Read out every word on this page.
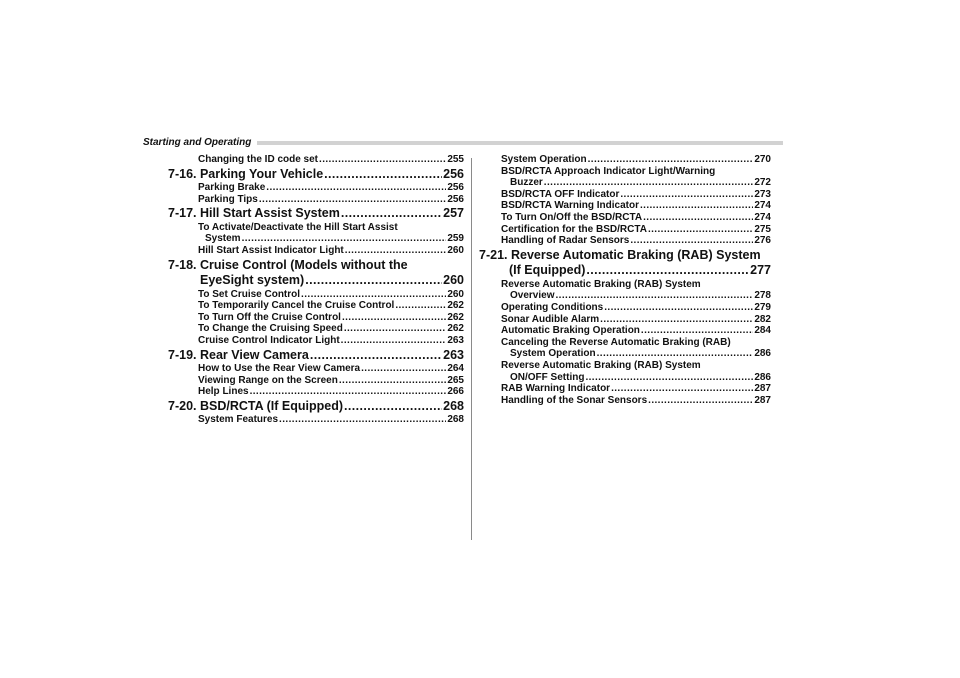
Starting and Operating
Changing the ID code set .....	255
7-16. Parking Your Vehicle .....	256
Parking Brake .....	256
Parking Tips .....	256
7-17. Hill Start Assist System .....	257
To Activate/Deactivate the Hill Start Assist
System .....	259
Hill Start Assist Indicator Light .....	260
7-18. Cruise Control (Models without the
EyeSight system) .....	260
To Set Cruise Control .....	260
To Temporarily Cancel the Cruise Control .....	262
To Turn Off the Cruise Control .....	262
To Change the Cruising Speed .....	262
Cruise Control Indicator Light .....	263
7-19. Rear View Camera .....	263
How to Use the Rear View Camera .....	264
Viewing Range on the Screen .....	265
Help Lines .....	266
7-20. BSD/RCTA (If Equipped) .....	268
System Features .....	268
System Operation .....	270
BSD/RCTA Approach Indicator Light/Warning
Buzzer .....	272
BSD/RCTA OFF Indicator .....	273
BSD/RCTA Warning Indicator .....	274
To Turn On/Off the BSD/RCTA .....	274
Certification for the BSD/RCTA .....	275
Handling of Radar Sensors .....	276
7-21. Reverse Automatic Braking (RAB) System
(If Equipped) .....	277
Reverse Automatic Braking (RAB) System
Overview .....	278
Operating Conditions .....	279
Sonar Audible Alarm .....	282
Automatic Braking Operation .....	284
Canceling the Reverse Automatic Braking (RAB)
System Operation .....	286
Reverse Automatic Braking (RAB) System
ON/OFF Setting .....	286
RAB Warning Indicator .....	287
Handling of the Sonar Sensors .....	287
